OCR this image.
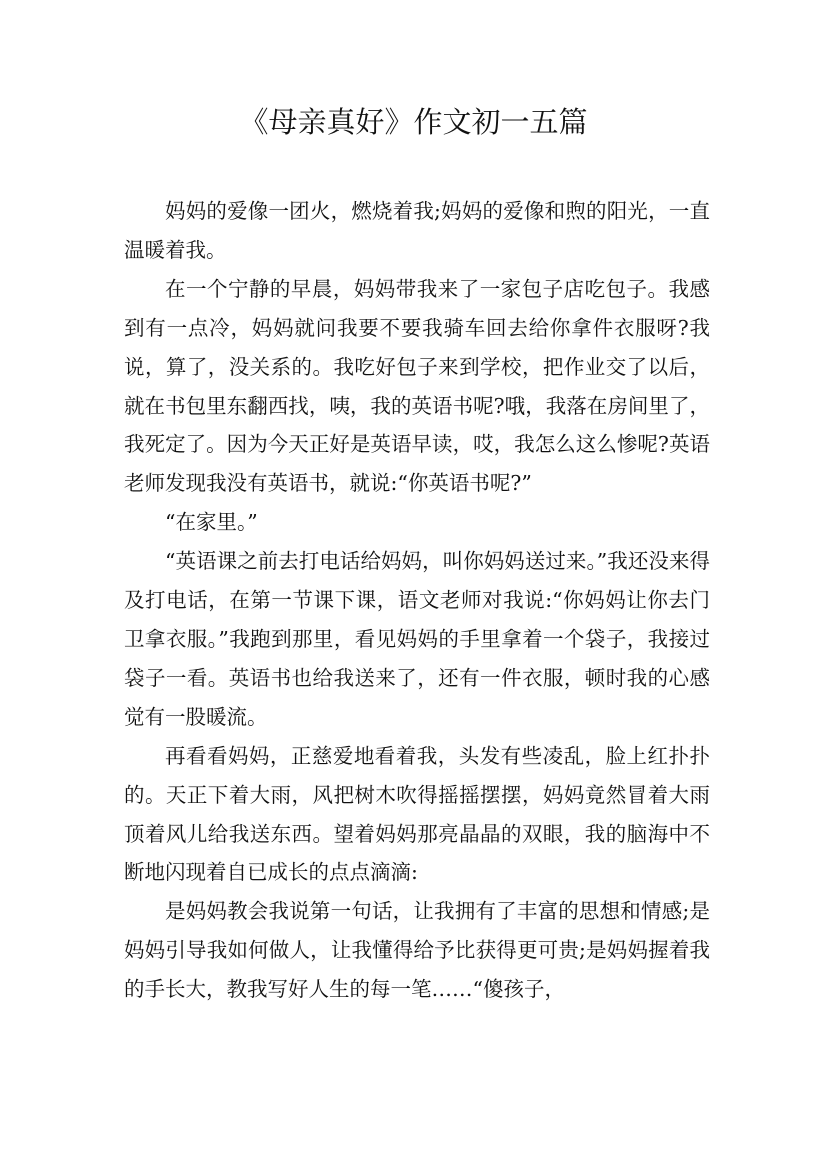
《母亲真好》作文初一五篇

妈妈的爱像一团火，燃烧着我;妈妈的爱像和煦的阳光，一直温暖着我。

在一个宁静的早晨，妈妈带我来了一家包子店吃包子。我感到有一点冷，妈妈就问我要不要我骑车回去给你拿件衣服呀?我说，算了，没关系的。我吃好包子来到学校，把作业交了以后，就在书包里东翻西找，咦，我的英语书呢?哦，我落在房间里了，我死定了。因为今天正好是英语早读，哎，我怎么这么惨呢?英语老师发现我没有英语书，就说:“你英语书呢?”

“在家里。”

“英语课之前去打电话给妈妈，叫你妈妈送过来。”我还没来得及打电话，在第一节课下课，语文老师对我说:“你妈妈让你去门卫拿衣服。”我跑到那里，看见妈妈的手里拿着一个袋子，我接过袋子一看。英语书也给我送来了，还有一件衣服，顿时我的心感觉有一股暖流。

再看看妈妈，正慈爱地看着我，头发有些凌乱，脸上红扑扑的。天正下着大雨，风把树木吹得摇摇摆摆，妈妈竟然冒着大雨顶着风儿给我送东西。望着妈妈那亮晶晶的双眼，我的脑海中不断地闪现着自已成长的点点滴滴:

是妈妈教会我说第一句话，让我拥有了丰富的思想和情感;是妈妈引导我如何做人，让我懂得给予比获得更可贵;是妈妈握着我的手长大，教我写好人生的每一笔……“傻孩子，
